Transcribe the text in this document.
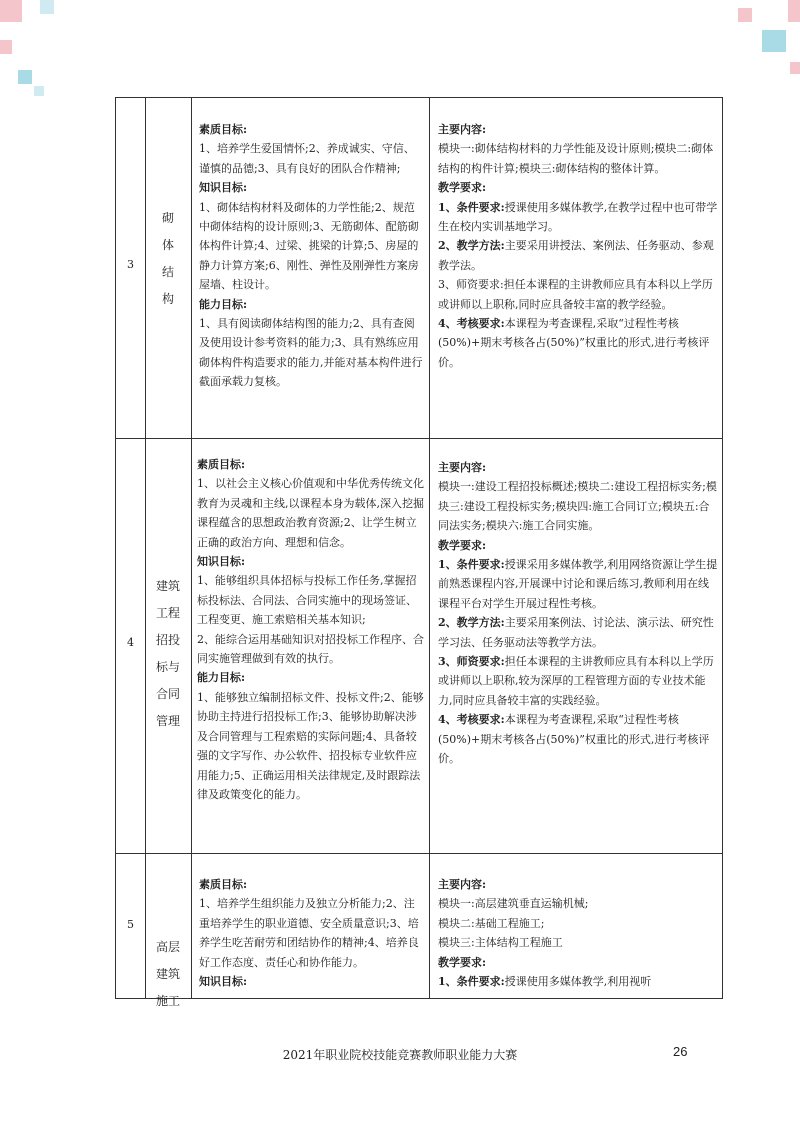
3
砌
体
结
构

素质目标:

1、培养学生爱国情怀;2、养成诚实、守信、谨慎的品德;3、具有良好的团队合作精神;

知识目标:

1、砌体结构材料及砌体的力学性能;2、规范中砌体结构的设计原则;3、无筋砌体、配筋砌体构件计算;4、过梁、挑梁的计算;5、房屋的静力计算方案;6、刚性、弹性及刚弹性方案房屋墙、柱设计。

能力目标:

1、具有阅读砌体结构图的能力;2、具有查阅及使用设计参考资料的能力;3、具有熟练应用砌体构件构造要求的能力,并能对基本构件进行截面承载力复核。

主要内容:

模块一:砌体结构材料的力学性能及设计原则;模块二:砌体结构的构件计算;模块三:砌体结构的整体计算。

教学要求:

1、条件要求:授课使用多媒体教学,在教学过程中也可带学生在校内实训基地学习。

2、教学方法:主要采用讲授法、案例法、任务驱动、参观教学法。

3、师资要求:担任本课程的主讲教师应具有本科以上学历或讲师以上职称,同时应具备较丰富的教学经验。

4、考核要求:本课程为考查课程,采取“过程性考核(50%)+期末考核各占(50%)”权重比的形式,进行考核评价。

4
建筑
工程
招投
标与
合同
管理

素质目标:

1、以社会主义核心价值观和中华优秀传统文化教育为灵魂和主线,以课程本身为载体,深入挖掘课程蕴含的思想政治教育资源;2、让学生树立正确的政治方向、理想和信念。

知识目标:

1、能够组织具体招标与投标工作任务,掌握招标投标法、合同法、合同实施中的现场签证、工程变更、施工索赔相关基本知识;

2、能综合运用基础知识对招投标工作程序、合同实施管理做到有效的执行。

能力目标:

1、能够独立编制招标文件、投标文件;2、能够协助主持进行招投标工作;3、能够协助解决涉及合同管理与工程索赔的实际问题;4、具备较强的文字写作、办公软件、招投标专业软件应用能力;5、正确运用相关法律规定,及时跟踪法律及政策变化的能力。

主要内容:

模块一:建设工程招投标概述;模块二:建设工程招标实务;模块三:建设工程投标实务;模块四:施工合同订立;模块五:合同法实务;模块六:施工合同实施。

教学要求:

1、条件要求:授课采用多媒体教学,利用网络资源让学生提前熟悉课程内容,开展课中讨论和课后练习,教师利用在线课程平台对学生开展过程性考核。

2、教学方法:主要采用案例法、讨论法、演示法、研究性学习法、任务驱动法等教学方法。

3、师资要求:担任本课程的主讲教师应具有本科以上学历或讲师以上职称,较为深厚的工程管理方面的专业技术能力,同时应具备较丰富的实践经验。

4、考核要求:本课程为考查课程,采取“过程性考核(50%)+期末考核各占(50%)”权重比的形式,进行考核评价。

5
高层
建筑
施工

素质目标:

1、培养学生组织能力及独立分析能力;2、注重培养学生的职业道德、安全质量意识;3、培养学生吃苦耐劳和团结协作的精神;4、培养良好工作态度、责任心和协作能力。

知识目标:

主要内容:

模块一:高层建筑垂直运输机械;

模块二:基础工程施工;

模块三:主体结构工程施工

教学要求:

1、条件要求:授课使用多媒体教学,利用视听

2021年职业院校技能竞赛教师职业能力大赛	26
